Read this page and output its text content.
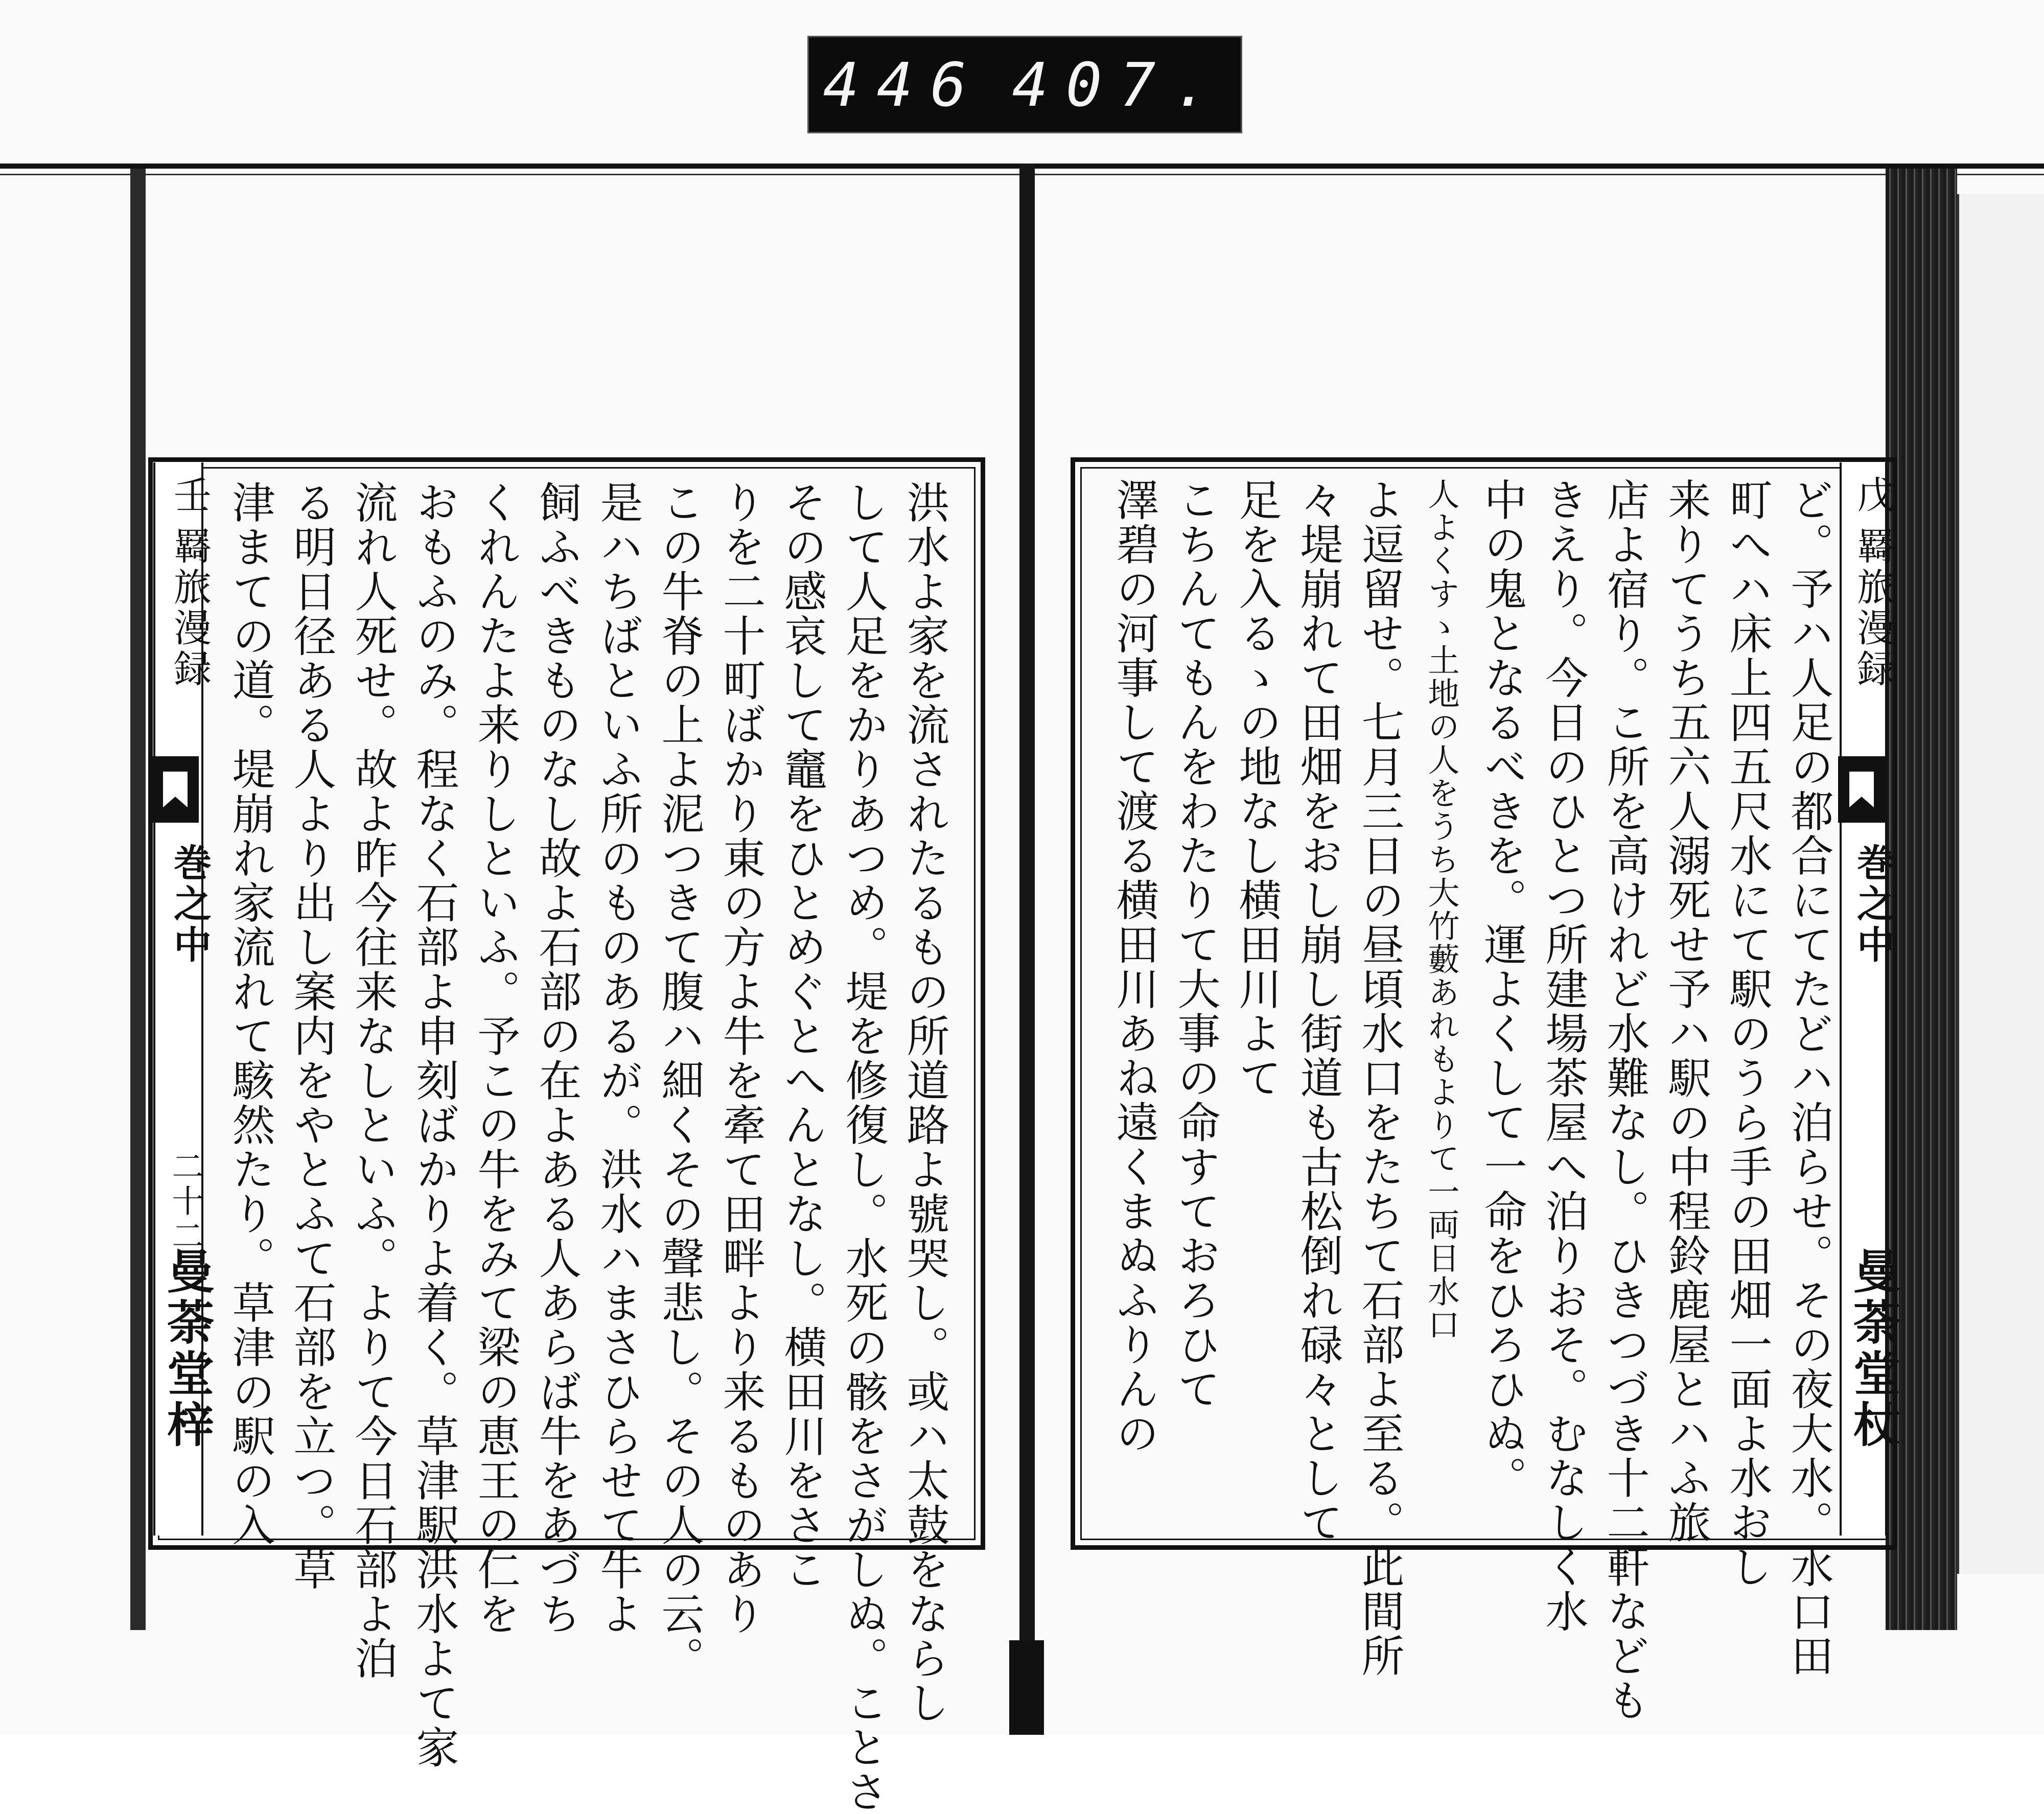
446 407.
壬
羇旅漫録
巻之中
二十二
曼荼堂梓	洪水よ家を流されたるもの所道路よ號哭し。或ハ太鼓をならし

して人足をかりあつめ。堤を修復し。水死の骸をさがしぬ。ことさ

その感哀して竈をひとめぐとへんとなし。横田川をさこ

りを二十町ばかり東の方よ牛を牽て田畔より来るものあり

この牛脊の上よ泥つきて腹ハ細くその聲悲し。その人の云。

是ハちばといふ所のものあるが。洪水ハまさひらせて牛よ

飼ふべきものなし故よ石部の在よある人あらば牛をあづち

くれんたよ来りしといふ。予この牛をみて梁の恵王の仁を

おもふのみ。程なく石部よ申刻ばかりよ着く。草津駅洪水よて家

流れ人死せ。故よ昨今往来なしといふ。よりて今日石部よ泊

る明日径ある人より出し案内をやとふて石部を立つ。草

津まての道。堤崩れ家流れて駭然たり。草津の駅の入	戊
羇旅漫録
巻之中
曼荼堂杖

ど。予ハ人足の都合にてたどハ泊らせ。その夜大水。水口田

町へハ床上四五尺水にて駅のうら手の田畑一面よ水おし

来りてうち五六人溺死せ予ハ駅の中程鈴鹿屋とハふ旅

店よ宿り。こ所を高けれど水難なし。ひきつづき十二軒なども

きえり。今日のひとつ所建場茶屋へ泊りおそ。むなしく水

中の鬼となるべきを。運よくして一命をひろひぬ。

人よくすゝ土地の人をうち大竹藪あれもよりて一両日水口

よ逗留せ。七月三日の昼頃水口をたちて石部よ至る。此間所

々堤崩れて田畑をおし崩し街道も古松倒れ碌々として

足を入るゝの地なし横田川よて

こちんてもんをわたりて大事の命すておろひて

澤碧の河事して渡る横田川あね遠くまぬふりんの
